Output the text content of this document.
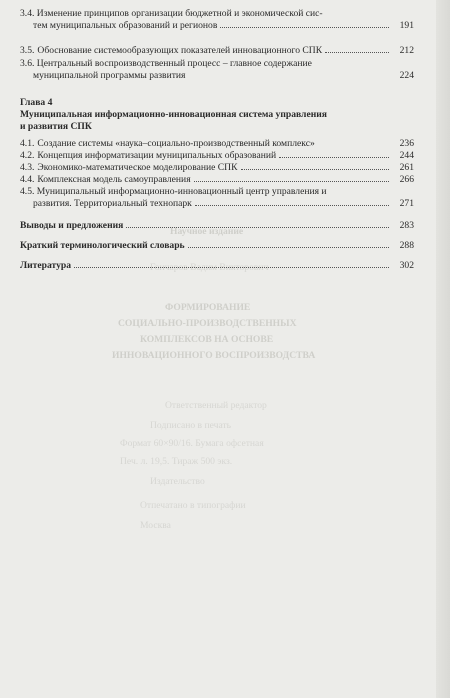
Научное издание
Гончаров Вадим Викторович
ФОРМИРОВАНИЕ
СОЦИАЛЬНО-ПРОИЗВОДСТВЕННЫХ
КОМПЛЕКСОВ НА ОСНОВЕ
ИННОВАЦИОННОГО ВОСПРОИЗВОДСТВА
Ответственный редактор
Подписано в печать
Формат 60×90/16. Бумага офсетная
Печ. л. 19,5. Тираж 500 экз.
Издательство
Отпечатано в типографии
Москва
3.4. Изменение принципов организации бюджетной и экономической сис-
тем муниципальных образований и регионов	191
3.5. Обоснование системообразующих показателей инновационного СПК	212
3.6. Центральный воспроизводственный процесс – главное содержание
муниципальной программы развития	224
Глава 4
Муниципальная информационно-инновационная система управления
и развития СПК
4.1. Создание системы «наука–социально-производственный комплекс»	236
4.2. Концепция информатизации муниципальных образований	244
4.3. Экономико-математическое моделирование СПК	261
4.4. Комплексная модель самоуправления	266
4.5. Муниципальный информационно-инновационный центр управления и
развития. Территориальный технопарк	271
Выводы и предложения	283
Краткий терминологический словарь	288
Литература	302
